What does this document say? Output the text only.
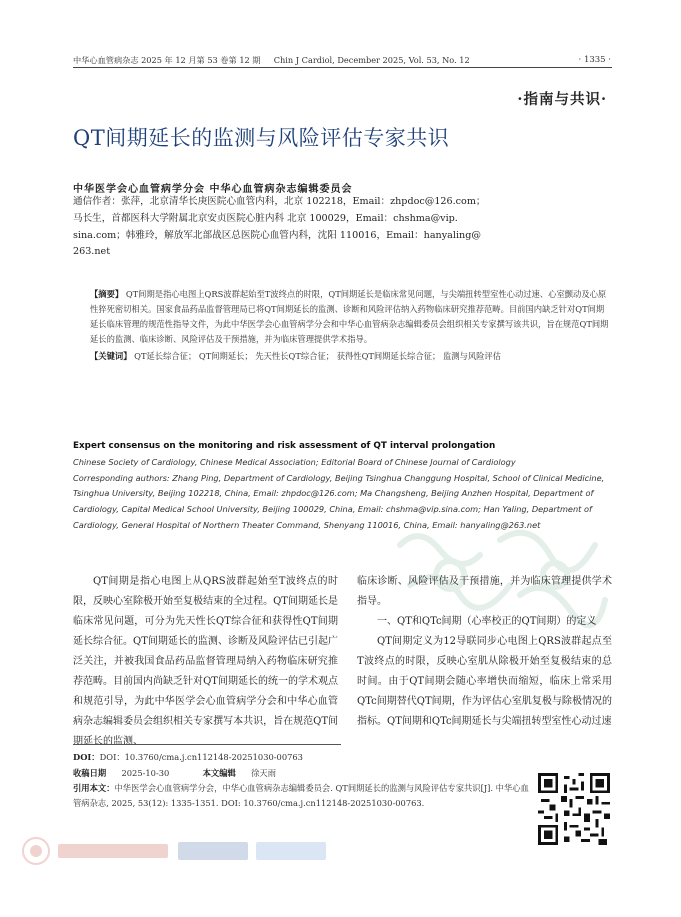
中华心血管病杂志 2025 年 12 月第 53 卷第 12 期 Chin J Cardiol, December 2025, Vol. 53, No. 12	· 1335 ·
·指南与共识·
QT间期延长的监测与风险评估专家共识
中华医学会心血管病学分会 中华心血管病杂志编辑委员会
通信作者：张萍，北京清华长庚医院心血管内科，北京 102218，Email：zhpdoc@126.com；
马长生，首都医科大学附属北京安贞医院心脏内科 北京 100029，Email：chshma@vip.
sina.com；韩雅玲，解放军北部战区总医院心血管内科，沈阳 110016，Email：hanyaling@
263.net
【摘要】 QT间期是指心电图上QRS波群起始至T波终点的时限，QT间期延长是临床常见问题，与尖端扭转型室性心动过速、心室颤动及心原性猝死密切相关。国家食品药品监督管理局已将QT间期延长的监测、诊断和风险评估纳入药物临床研究推荐范畴。目前国内缺乏针对QT间期延长临床管理的规范性指导文件，为此中华医学会心血管病学分会和中华心血管病杂志编辑委员会组织相关专家撰写该共识，旨在规范QT间期延长的监测、临床诊断、风险评估及干预措施，并为临床管理提供学术指导。
【关键词】 QT延长综合征； QT间期延长； 先天性长QT综合征； 获得性QT间期延长综合征； 监测与风险评估
Expert consensus on the monitoring and risk assessment of QT interval prolongation
Chinese Society of Cardiology, Chinese Medical Association; Editorial Board of Chinese Journal of Cardiology
Corresponding authors: Zhang Ping, Department of Cardiology, Beijing Tsinghua Changgung Hospital, School of Clinical Medicine, Tsinghua University, Beijing 102218, China, Email: zhpdoc@126.com; Ma Changsheng, Beijing Anzhen Hospital, Department of Cardiology, Capital Medical School University, Beijing 100029, China, Email: chshma@vip.sina.com; Han Yaling, Department of Cardiology, General Hospital of Northern Theater Command, Shenyang 110016, China, Email: hanyaling@263.net
QT间期是指心电图上从QRS波群起始至T波终点的时限，反映心室除极开始至复极结束的全过程。QT间期延长是临床常见问题，可分为先天性长QT综合征和获得性QT间期延长综合征。QT间期延长的监测、诊断及风险评估已引起广泛关注，并被我国食品药品监督管理局纳入药物临床研究推荐范畴。目前国内尚缺乏针对QT间期延长的统一的学术观点和规范引导，为此中华医学会心血管病学分会和中华心血管病杂志编辑委员会组织相关专家撰写本共识，旨在规范QT间期延长的监测、
临床诊断、风险评估及干预措施，并为临床管理提供学术指导。
一、QT和QTc间期（心率校正的QT间期）的定义
QT间期定义为12导联同步心电图上QRS波群起点至T波终点的时限，反映心室肌从除极开始至复极结束的总时间。由于QT间期会随心率增快而缩短，临床上常采用QTc间期替代QT间期，作为评估心室肌复极与除极情况的指标。QT间期和QTc间期延长与尖端扭转型室性心动过速
DOI：DOI：10.3760/cma.j.cn112148-20251030-00763
收稿日期 2025-10-30	本文编辑 徐天雨
引用本文：中华医学会心血管病学分会，中华心血管病杂志编辑委员会. QT间期延长的监测与风险评估专家共识[J]. 中华心血管病杂志, 2025, 53(12): 1335-1351. DOI: 10.3760/cma.j.cn112148-20251030-00763.
